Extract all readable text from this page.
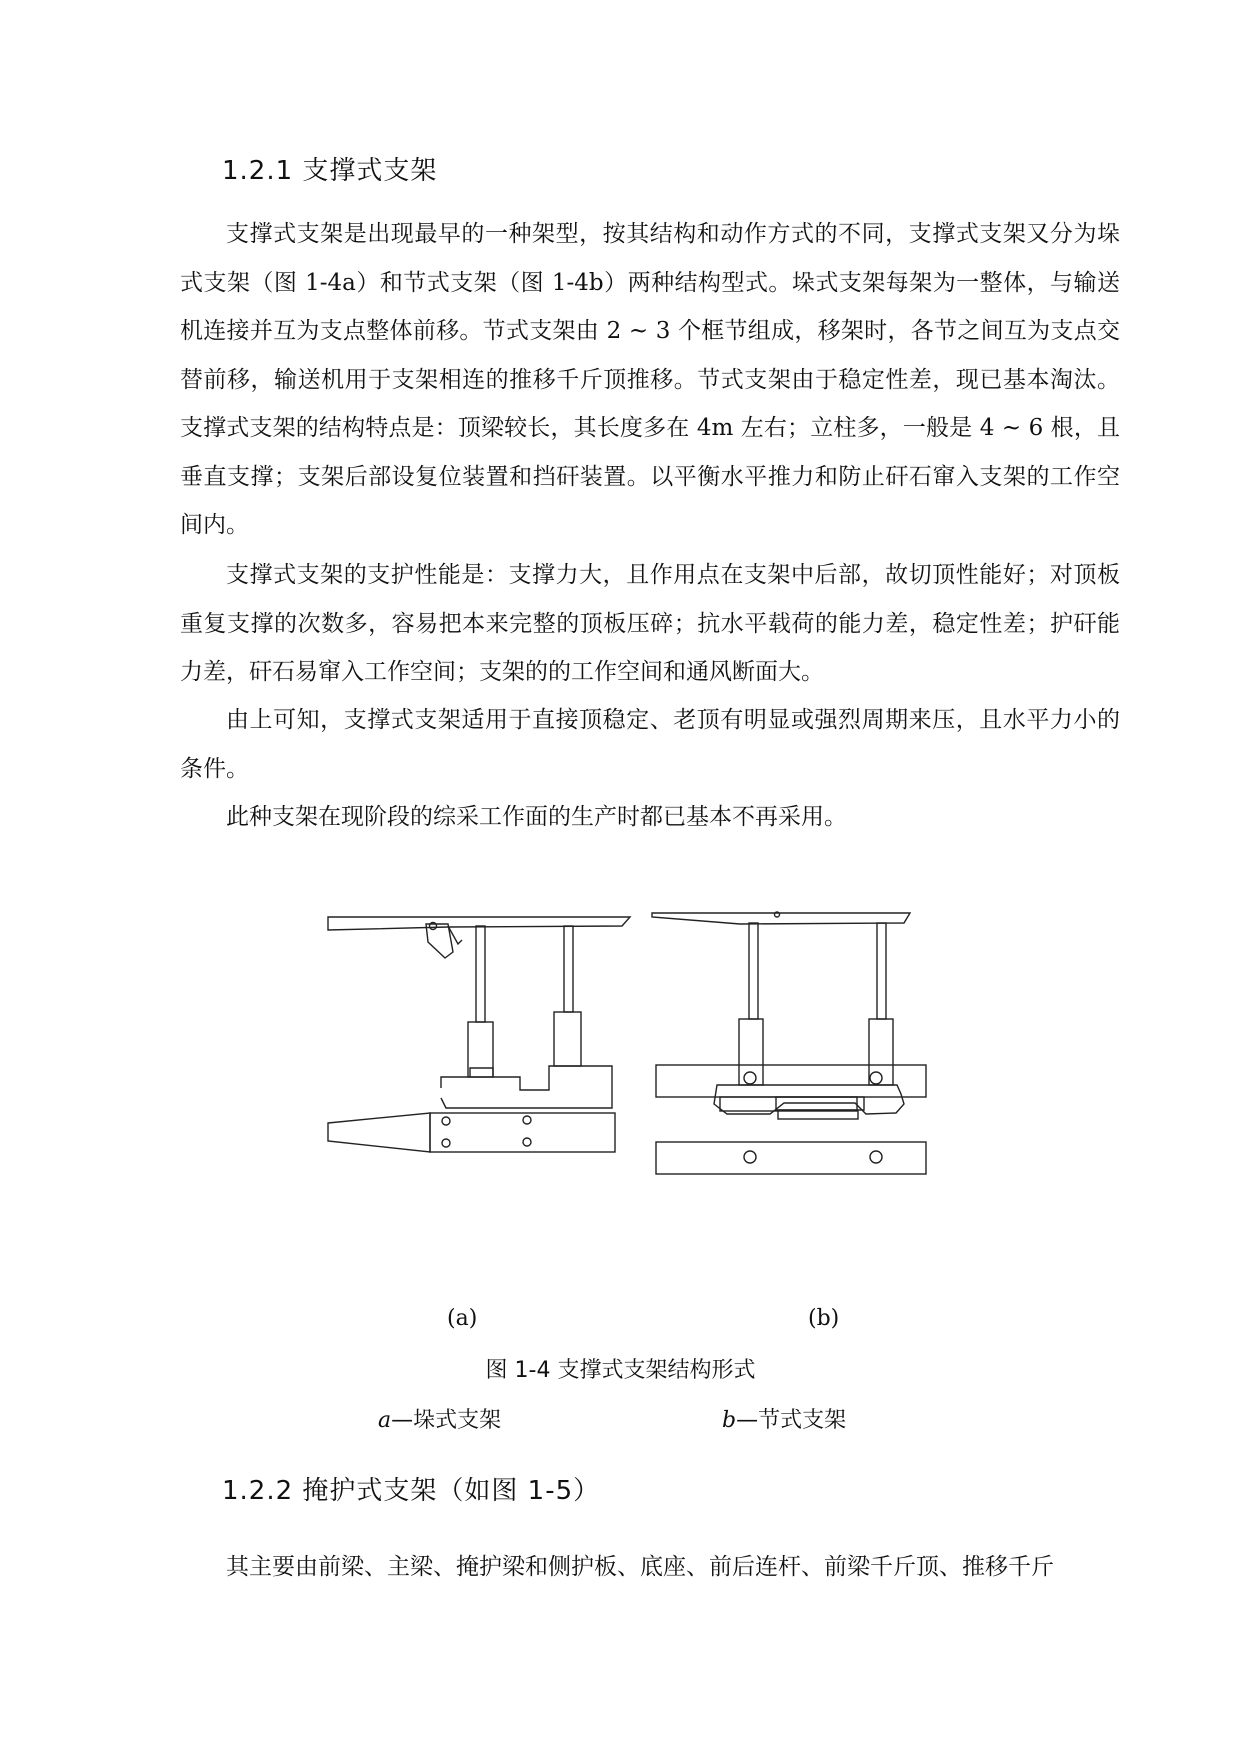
1.2.1 支撑式支架

支撑式支架是出现最早的一种架型，按其结构和动作方式的不同，支撑式支架又分为垛式支架（图 1-4a）和节式支架（图 1-4b）两种结构型式。垛式支架每架为一整体，与输送机连接并互为支点整体前移。节式支架由 2 ~ 3 个框节组成，移架时，各节之间互为支点交替前移，输送机用于支架相连的推移千斤顶推移。节式支架由于稳定性差，现已基本淘汰。支撑式支架的结构特点是：顶梁较长，其长度多在 4m 左右；立柱多，一般是 4 ~ 6 根，且垂直支撑；支架后部设复位装置和挡矸装置。以平衡水平推力和防止矸石窜入支架的工作空间内。

支撑式支架的支护性能是：支撑力大，且作用点在支架中后部，故切顶性能好；对顶板重复支撑的次数多，容易把本来完整的顶板压碎；抗水平载荷的能力差，稳定性差；护矸能力差，矸石易窜入工作空间；支架的的工作空间和通风断面大。

由上可知，支撑式支架适用于直接顶稳定、老顶有明显或强烈周期来压，且水平力小的条件。

此种支架在现阶段的综采工作面的生产时都已基本不再采用。

(a)	(b)

图 1-4 支撑式支架结构形式

a—垛式支架	b—节式支架
1.2.2 掩护式支架（如图 1-5）

其主要由前梁、主梁、掩护梁和侧护板、底座、前后连杆、前梁千斤顶、推移千斤
